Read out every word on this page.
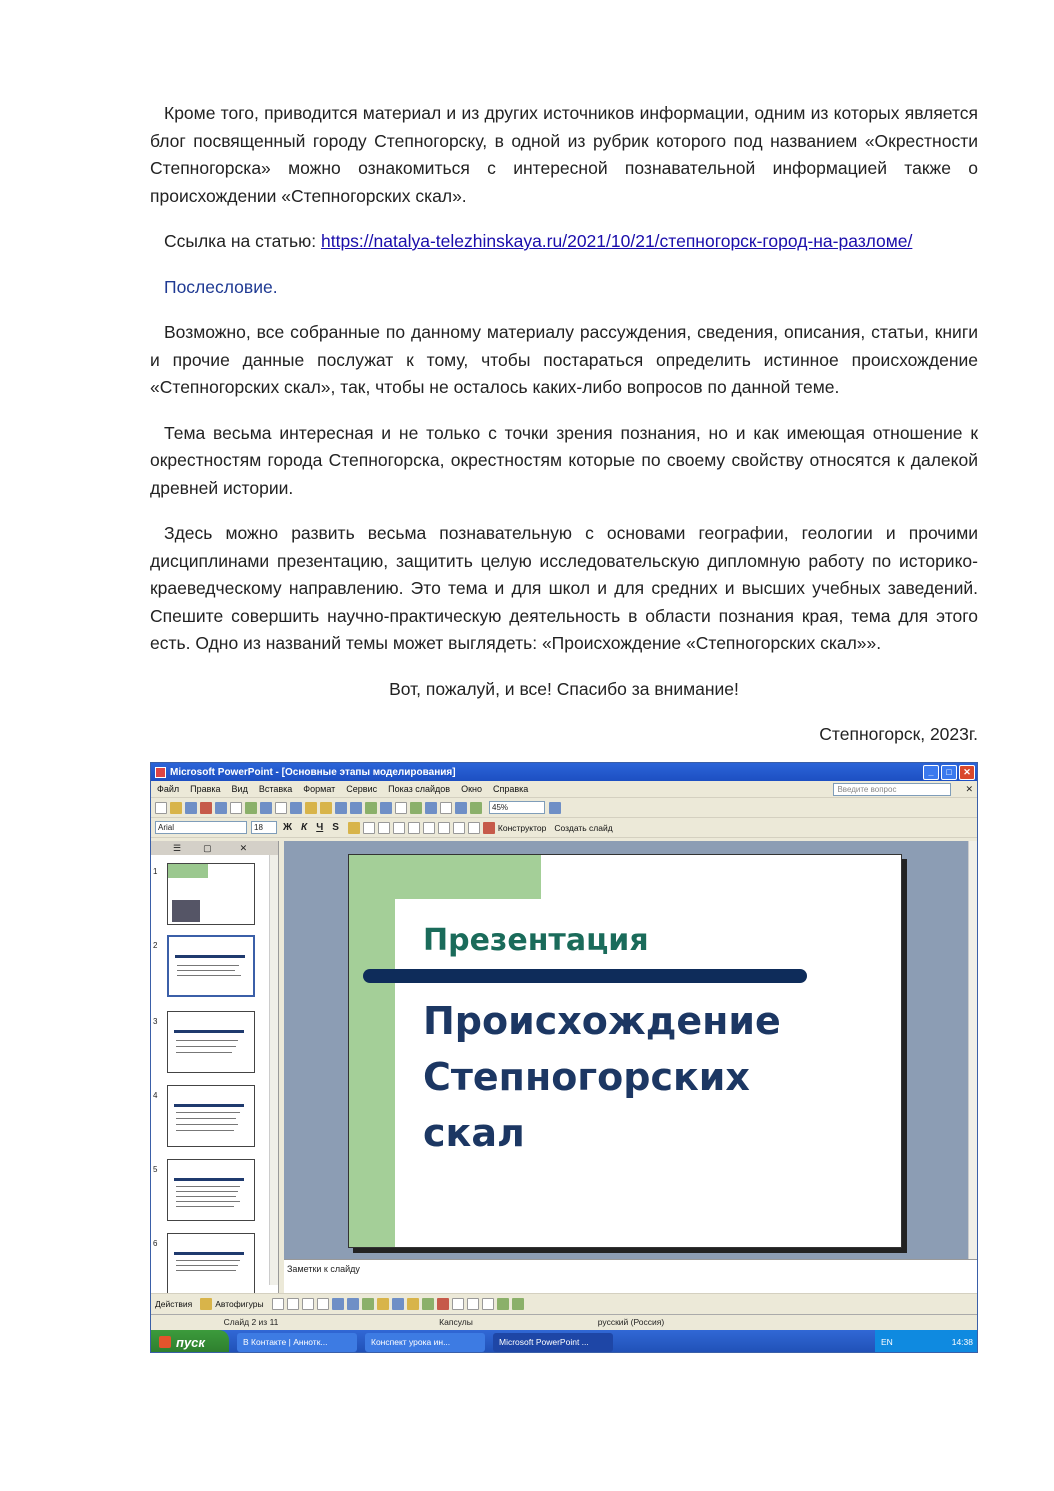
Кроме того, приводится материал и из других источников информации, одним из которых является блог посвященный городу Степногорску, в одной из рубрик которого под названием «Окрестности Степногорска» можно ознакомиться с интересной познавательной информацией также о происхождении «Степногорских скал».

Ссылка на статью: https://natalya-telezhinskaya.ru/2021/10/21/степногорск-город-на-разломе/

Послесловие.

Возможно, все собранные по данному материалу рассуждения, сведения, описания, статьи, книги и прочие данные послужат к тому, чтобы постараться определить истинное происхождение «Степногорских скал», так, чтобы не осталось каких-либо вопросов по данной теме.

Тема весьма интересная и не только с точки зрения познания, но и как имеющая отношение к окрестностям города Степногорска, окрестностям которые по своему свойству относятся к далекой древней истории.

Здесь можно развить весьма познавательную с основами географии, геологии и прочими дисциплинами презентацию, защитить целую исследовательскую дипломную работу по историко-краеведческому направлению. Это тема и для школ и для средних и высших учебных заведений. Спешите совершить научно-практическую деятельность в области познания края, тема для этого есть. Одно из названий темы может выглядеть: «Происхождение «Степногорских скал»».

Вот, пожалуй, и все! Спасибо за внимание!

Степногорск, 2023г.

Microsoft PowerPoint - [Основные этапы моделирования]	_	□	✕
Файл Правка Вид Вставка Формат Сервис Показ слайдов Окно Справка	Введите вопрос	✕
45%
Arial	18	Ж К Ч S	Конструктор Создать слайд
☰ ▢	✕
1
2
3
4
5
6
Презентация
Происхождение
Степногорских
скал
Заметки к слайду
Действия	Автофигуры
Слайд 2 из 11	Капсулы	русский (Россия)
пуск	В Контакте | Аннотк...	Конспект урока ин...	Microsoft PowerPoint ...	EN	14:38
